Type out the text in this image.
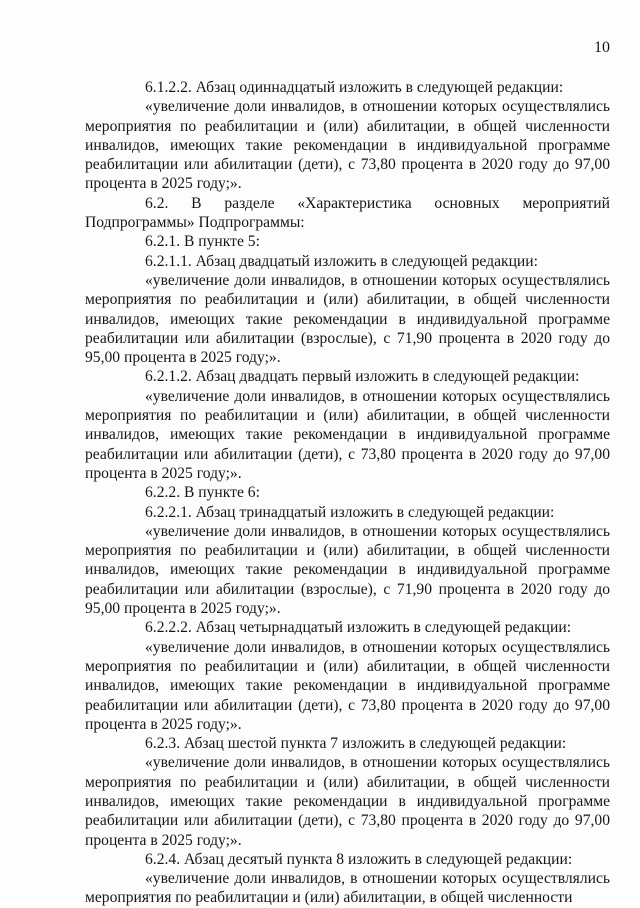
10

6.1.2.2. Абзац одиннадцатый изложить в следующей редакции:

«увеличение доли инвалидов, в отношении которых осуществлялись мероприятия по реабилитации и (или) абилитации, в общей численности инвалидов, имеющих такие рекомендации в индивидуальной программе реабилитации или абилитации (дети), с 73,80 процента в 2020 году до 97,00 процента в 2025 году;».

6.2. В разделе «Характеристика основных мероприятий Подпрограммы» Подпрограммы:

6.2.1. В пункте 5:

6.2.1.1. Абзац двадцатый изложить в следующей редакции:

«увеличение доли инвалидов, в отношении которых осуществлялись мероприятия по реабилитации и (или) абилитации, в общей численности инвалидов, имеющих такие рекомендации в индивидуальной программе реабилитации или абилитации (взрослые), с 71,90 процента в 2020 году до 95,00 процента в 2025 году;».

6.2.1.2. Абзац двадцать первый изложить в следующей редакции:

«увеличение доли инвалидов, в отношении которых осуществлялись мероприятия по реабилитации и (или) абилитации, в общей численности инвалидов, имеющих такие рекомендации в индивидуальной программе реабилитации или абилитации (дети), с 73,80 процента в 2020 году до 97,00 процента в 2025 году;».

6.2.2. В пункте 6:

6.2.2.1. Абзац тринадцатый изложить в следующей редакции:

«увеличение доли инвалидов, в отношении которых осуществлялись мероприятия по реабилитации и (или) абилитации, в общей численности инвалидов, имеющих такие рекомендации в индивидуальной программе реабилитации или абилитации (взрослые), с 71,90 процента в 2020 году до 95,00 процента в 2025 году;».

6.2.2.2. Абзац четырнадцатый изложить в следующей редакции:

«увеличение доли инвалидов, в отношении которых осуществлялись мероприятия по реабилитации и (или) абилитации, в общей численности инвалидов, имеющих такие рекомендации в индивидуальной программе реабилитации или абилитации (дети), с 73,80 процента в 2020 году до 97,00 процента в 2025 году;».

6.2.3. Абзац шестой пункта 7 изложить в следующей редакции:

«увеличение доли инвалидов, в отношении которых осуществлялись мероприятия по реабилитации и (или) абилитации, в общей численности инвалидов, имеющих такие рекомендации в индивидуальной программе реабилитации или абилитации (дети), с 73,80 процента в 2020 году до 97,00 процента в 2025 году;».

6.2.4. Абзац десятый пункта 8 изложить в следующей редакции:

«увеличение доли инвалидов, в отношении которых осуществлялись мероприятия по реабилитации и (или) абилитации, в общей численности
